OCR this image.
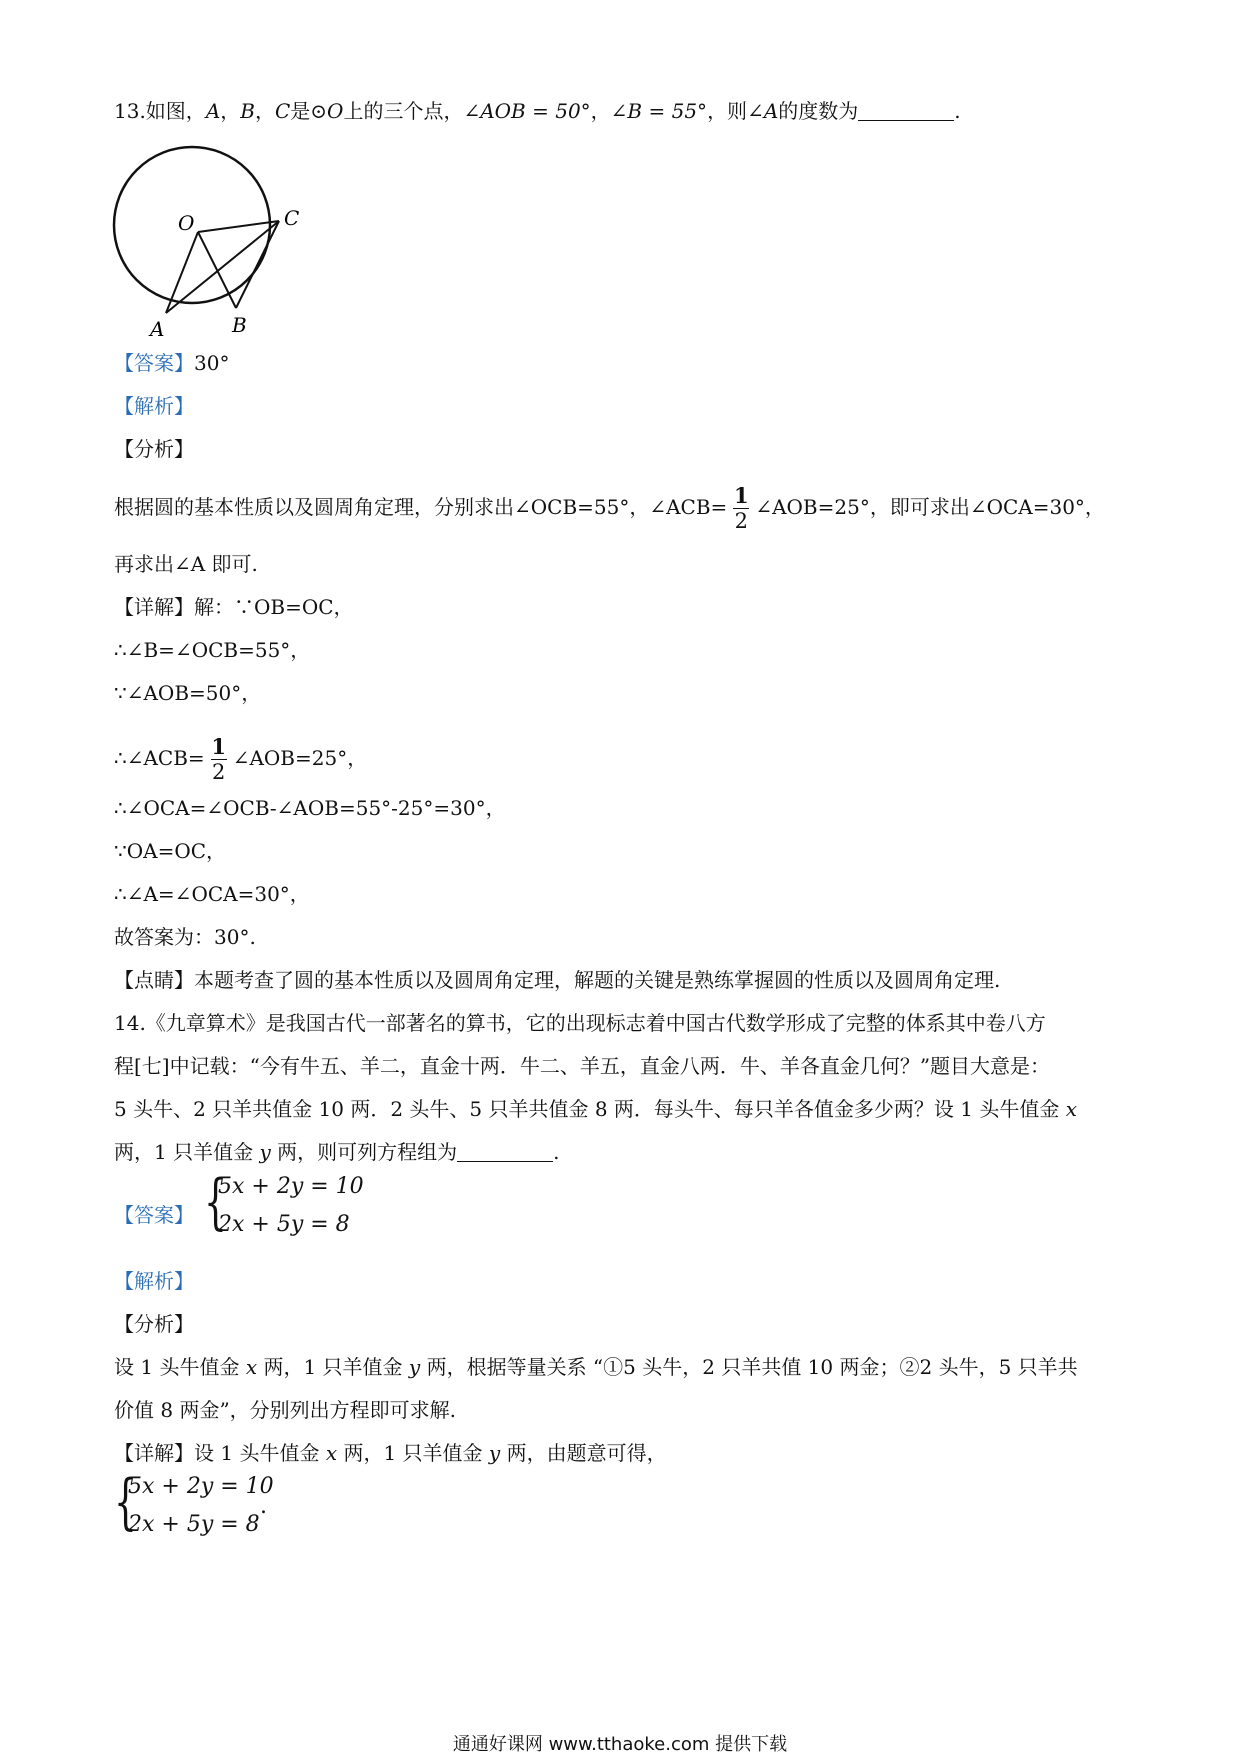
13.如图，A，B，C是⊙O上的三个点，∠AOB = 50°，∠B = 55°，则∠A的度数为	.
O	C
A	B
【答案】30°
【解析】
【分析】
根据圆的基本性质以及圆周角定理，分别求出∠OCB=55°，∠ACB= $\frac{1}{2}$ ∠AOB=25°，即可求出∠OCA=30°，
再求出∠A 即可.
【详解】解：∵OB=OC，
∴∠B=∠OCB=55°，
∵∠AOB=50°，
∴∠ACB= $\frac{1}{2}$ ∠AOB=25°，
∴∠OCA=∠OCB-∠AOB=55°-25°=30°，
∵OA=OC，
∴∠A=∠OCA=30°，
故答案为：30°.
【点睛】本题考查了圆的基本性质以及圆周角定理，解题的关键是熟练掌握圆的性质以及圆周角定理.
14.《九章算术》是我国古代一部著名的算书，它的出现标志着中国古代数学形成了完整的体系其中卷八方
程[七]中记载：“今有牛五、羊二，直金十两．牛二、羊五，直金八两．牛、羊各直金几何？”题目大意是：
5 头牛、2 只羊共值金 10 两．2 头牛、5 只羊共值金 8 两．每头牛、每只羊各值金多少两？设 1 头牛值金 x
两，1 只羊值金 y 两，则可列方程组为	.
【答案】 {
5x + 2y = 10
2x + 5y = 8
【解析】
【分析】
设 1 头牛值金 x 两，1 只羊值金 y 两，根据等量关系 “①5 头牛，2 只羊共值 10 两金；②2 头牛，5 只羊共
价值 8 两金”，分别列出方程即可求解.
【详解】设 1 头牛值金 x 两，1 只羊值金 y 两，由题意可得，
{
5x + 2y = 10
2x + 5y = 8
.
通通好课网 www.tthaoke.com 提供下载
